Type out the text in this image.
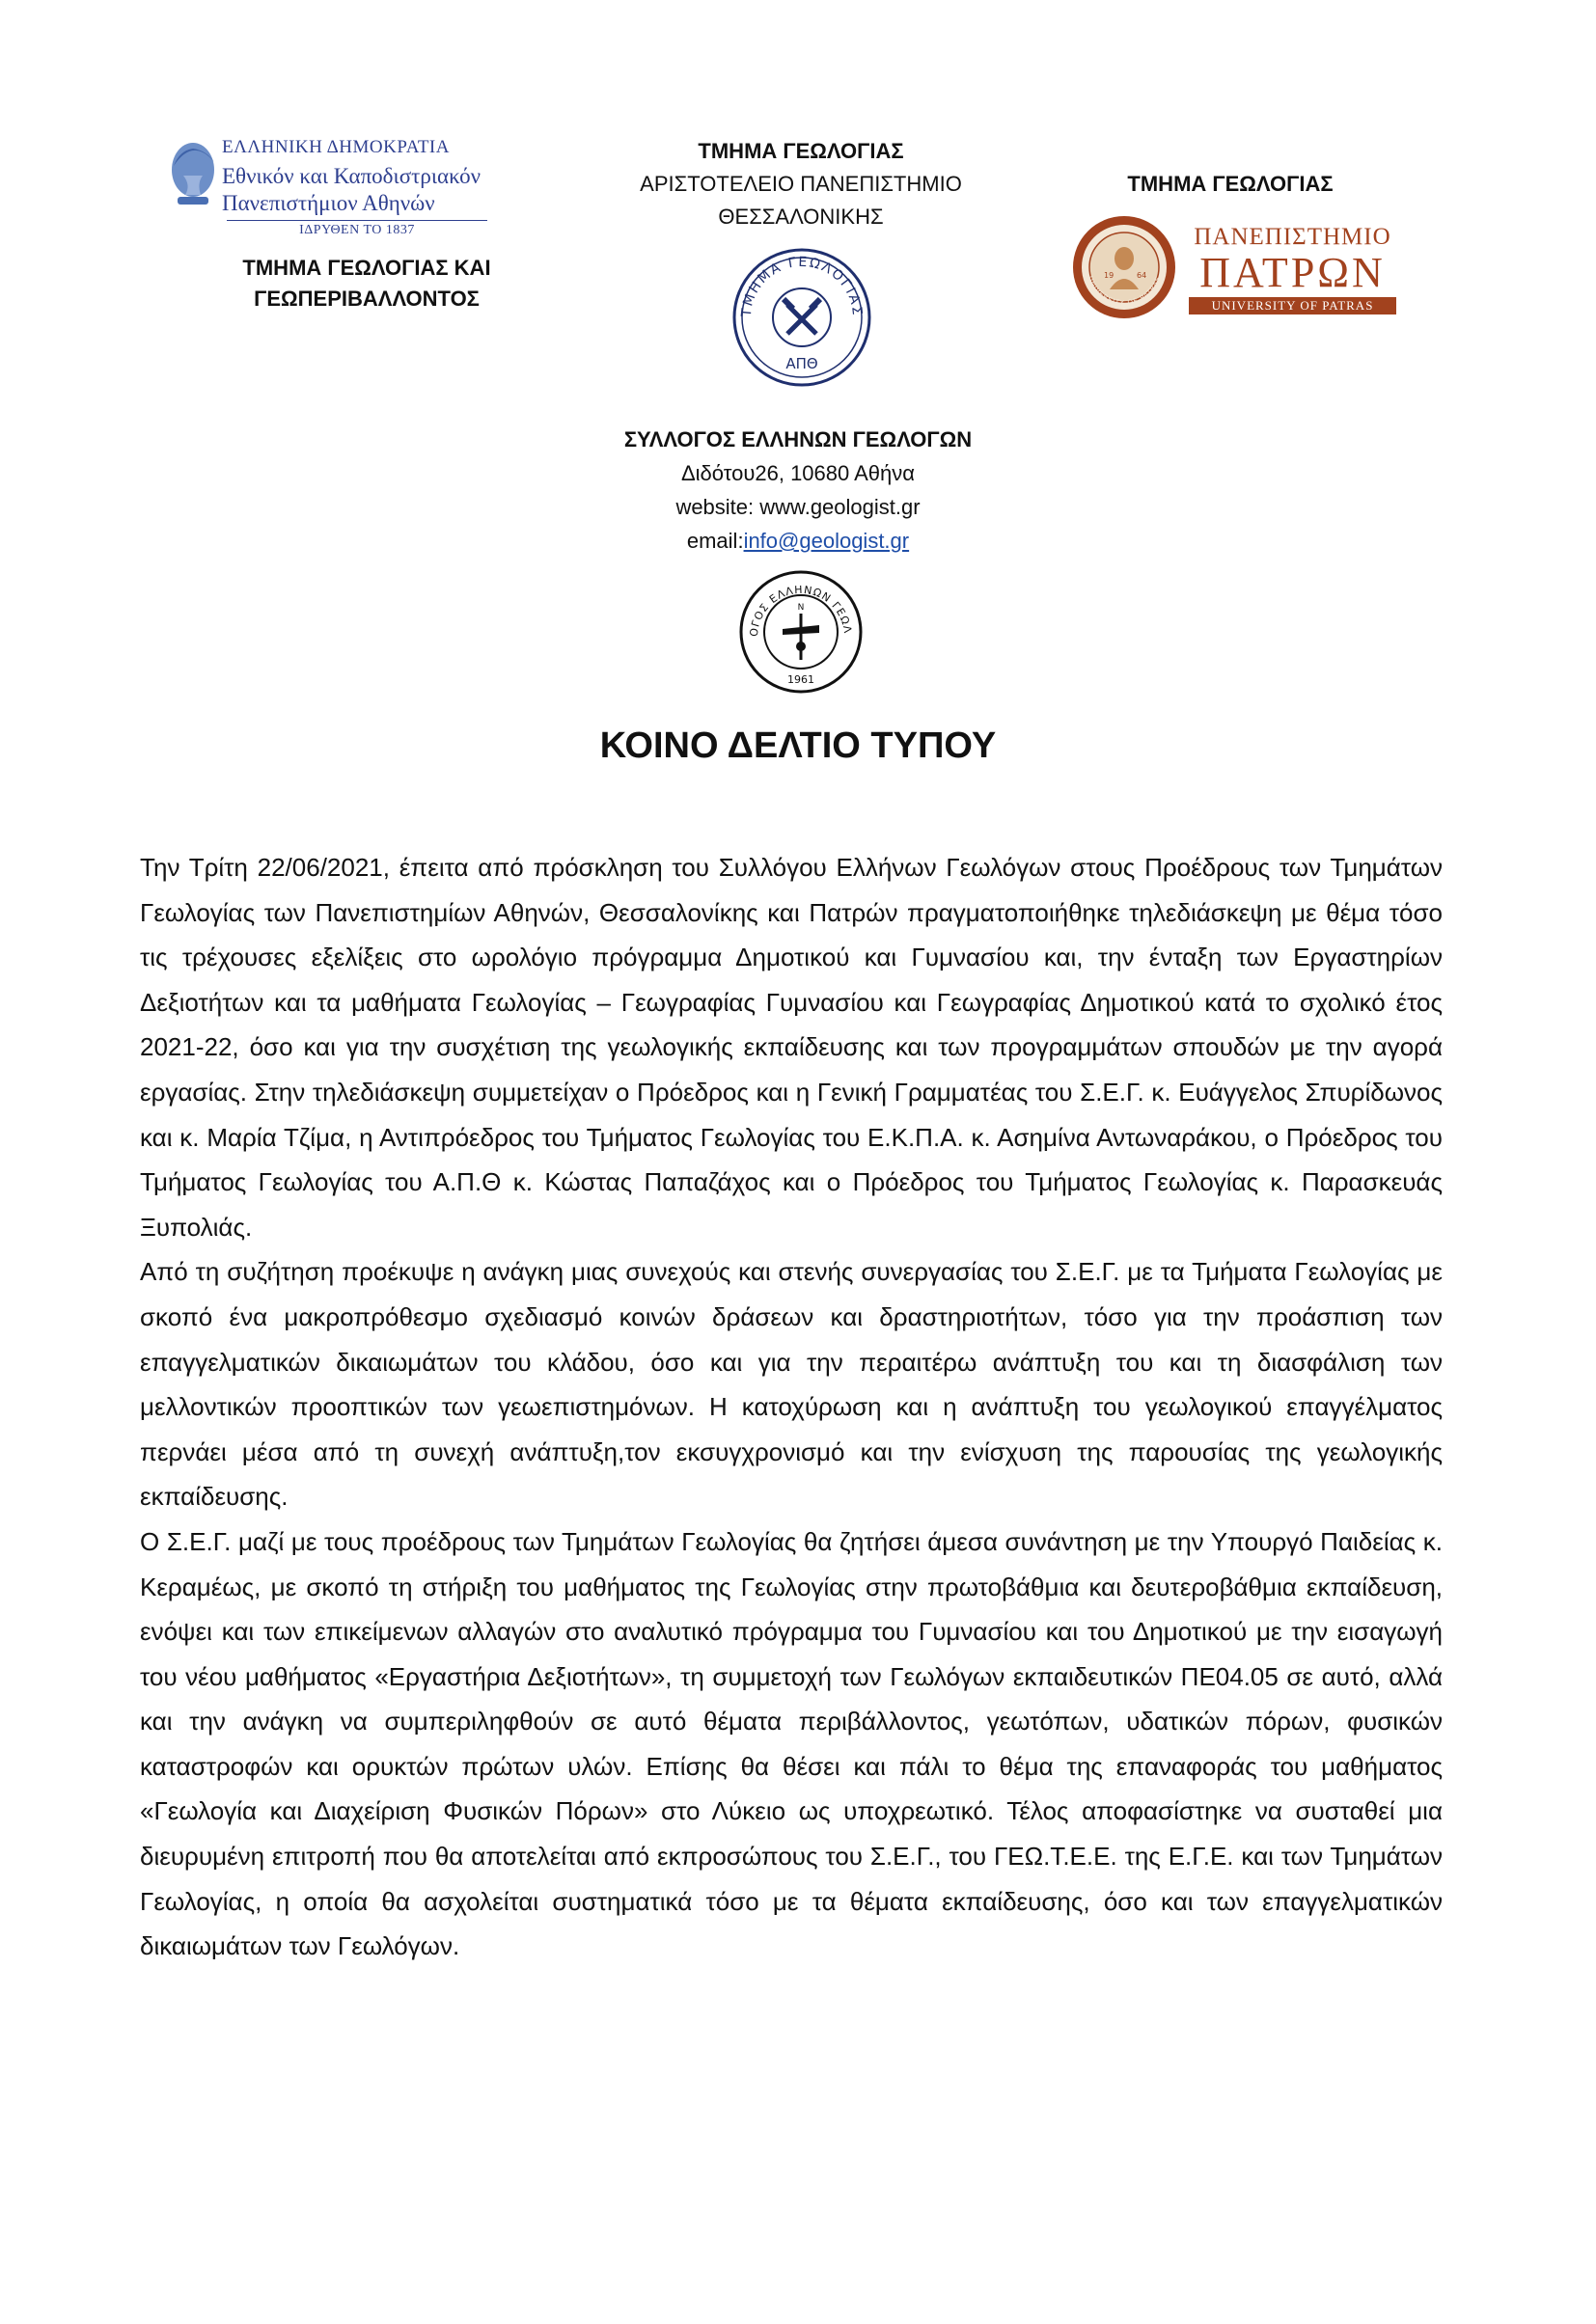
ΕΛΛΗΝΙΚΗ ΔΗΜΟΚΡΑΤΙΑ
Εθνικόν και Καποδιστριακόν
Πανεπιστήμιον Αθηνών
ΙΔΡΥΘΕΝ ΤΟ 1837
ΤΜΗΜΑ ΓΕΩΛΟΓΙΑΣ ΚΑΙ
ΓΕΩΠΕΡΙΒΑΛΛΟΝΤΟΣ
ΤΜΗΜΑ ΓΕΩΛΟΓΙΑΣ
ΑΡΙΣΤΟΤΕΛΕΙΟ ΠΑΝΕΠΙΣΤΗΜΙΟ
ΘΕΣΣΑΛΟΝΙΚΗΣ
ΤΜΗΜΑ ΓΕΩΛΟΓΙΑΣ
ΑΠΘ
ΤΜΗΜΑ ΓΕΩΛΟΓΙΑΣ
UNIVERSITY OF PATRAS
19	64
ΠΑΝΕΠΙΣΤΗΜΙΟ
ΠΑΤΡΩΝ
UNIVERSITY OF PATRAS
ΣΥΛΛΟΓΟΣ ΕΛΛΗΝΩΝ ΓΕΩΛΟΓΩΝ
Διδότου26, 10680 Αθήνα
website: www.geologist.gr
email:info@geologist.gr
ΟΓΟΣ ΕΛΛΗΝΩΝ ΓΕΩΛ
N
1961
ΚΟΙΝΟ ΔΕΛΤΙΟ ΤΥΠΟΥ

Την Τρίτη 22/06/2021, έπειτα από πρόσκληση του Συλλόγου Ελλήνων Γεωλόγων στους Προέδρους των Τμημάτων Γεωλογίας των Πανεπιστημίων Αθηνών, Θεσσαλονίκης και Πατρών πραγματοποιήθηκε τηλεδιάσκεψη με θέμα τόσο τις τρέχουσες εξελίξεις στο ωρολόγιο πρόγραμμα Δημοτικού και Γυμνασίου και, την ένταξη των Εργαστηρίων Δεξιοτήτων και τα μαθήματα Γεωλογίας – Γεωγραφίας Γυμνασίου και Γεωγραφίας Δημοτικού κατά το σχολικό έτος 2021-22, όσο και για την συσχέτιση της γεωλογικής εκπαίδευσης και των προγραμμάτων σπουδών με την αγορά εργασίας. Στην τηλεδιάσκεψη συμμετείχαν ο Πρόεδρος και η Γενική Γραμματέας του Σ.Ε.Γ. κ. Ευάγγελος Σπυρίδωνος και κ. Μαρία Τζίμα, η Αντιπρόεδρος του Τμήματος Γεωλογίας του Ε.Κ.Π.Α. κ. Ασημίνα Αντωναράκου, ο Πρόεδρος του Τμήματος Γεωλογίας του Α.Π.Θ κ. Κώστας Παπαζάχος και ο Πρόεδρος του Τμήματος Γεωλογίας κ. Παρασκευάς Ξυπολιάς.

Από τη συζήτηση προέκυψε η ανάγκη μιας συνεχούς και στενής συνεργασίας του Σ.Ε.Γ. με τα Τμήματα Γεωλογίας με σκοπό ένα μακροπρόθεσμο σχεδιασμό κοινών δράσεων και δραστηριοτήτων, τόσο για την προάσπιση των επαγγελματικών δικαιωμάτων του κλάδου, όσο και για την περαιτέρω ανάπτυξη του και τη διασφάλιση των μελλοντικών προοπτικών των γεωεπιστημόνων. Η κατοχύρωση και η ανάπτυξη του γεωλογικού επαγγέλματος περνάει μέσα από τη συνεχή ανάπτυξη,τον εκσυγχρονισμό και την ενίσχυση της παρουσίας της γεωλογικής εκπαίδευσης.

Ο Σ.Ε.Γ. μαζί με τους προέδρους των Τμημάτων Γεωλογίας θα ζητήσει άμεσα συνάντηση με την Υπουργό Παιδείας κ. Κεραμέως, με σκοπό τη στήριξη του μαθήματος της Γεωλογίας στην πρωτοβάθμια και δευτεροβάθμια εκπαίδευση, ενόψει και των επικείμενων αλλαγών στο αναλυτικό πρόγραμμα του Γυμνασίου και του Δημοτικού με την εισαγωγή του νέου μαθήματος «Εργαστήρια Δεξιοτήτων», τη συμμετοχή των Γεωλόγων εκπαιδευτικών ΠΕ04.05 σε αυτό, αλλά και την ανάγκη να συμπεριληφθούν σε αυτό θέματα περιβάλλοντος, γεωτόπων, υδατικών πόρων, φυσικών καταστροφών και ορυκτών πρώτων υλών. Επίσης θα θέσει και πάλι το θέμα της επαναφοράς του μαθήματος «Γεωλογία και Διαχείριση Φυσικών Πόρων» στο Λύκειο ως υποχρεωτικό. Τέλος αποφασίστηκε να συσταθεί μια διευρυμένη επιτροπή που θα αποτελείται από εκπροσώπους του Σ.Ε.Γ., του ΓΕΩ.Τ.Ε.Ε. της Ε.Γ.Ε. και των Τμημάτων Γεωλογίας, η οποία θα ασχολείται συστηματικά τόσο με τα θέματα εκπαίδευσης, όσο και των επαγγελματικών δικαιωμάτων των Γεωλόγων.
